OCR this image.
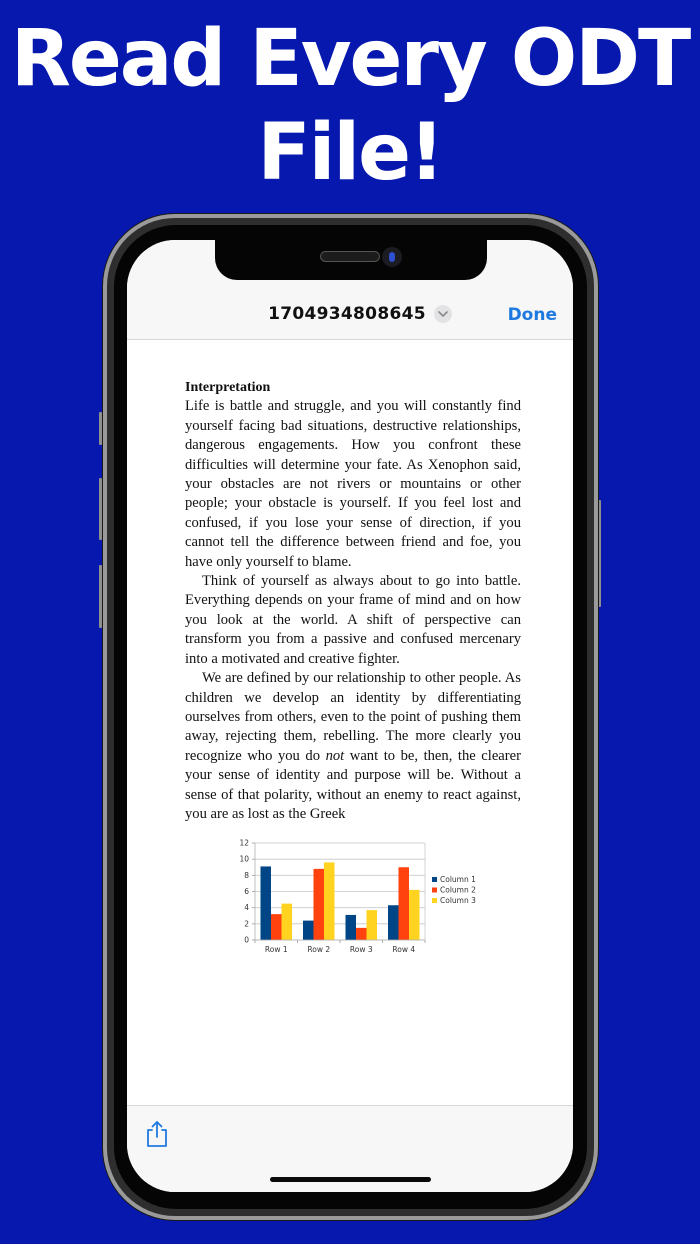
Read Every ODT
File!
1704934808645	Done
Interpretation

Life is battle and struggle, and you will constantly find yourself facing bad situations, destructive relationships, dangerous engagements. How you confront these difficulties will determine your fate. As Xenophon said, your obstacles are not rivers or mountains or other people; your obstacle is yourself. If you feel lost and confused, if you lose your sense of direction, if you cannot tell the difference between friend and foe, you have only yourself to blame.

Think of yourself as always about to go into battle. Everything depends on your frame of mind and on how you look at the world. A shift of perspective can transform you from a passive and confused mercenary into a motivated and creative fighter.

We are defined by our relationship to other people. As children we develop an identity by differentiating ourselves from others, even to the point of pushing them away, rejecting them, rebelling. The more clearly you recognize who you do not want to be, then, the clearer your sense of identity and purpose will be. Without a sense of that polarity, without an enemy to react against, you are as lost as the Greek

0
2
4
6
8
10
12
Row 1	Row 2	Row 3	Row 4
Column 1
Column 2
Column 3
